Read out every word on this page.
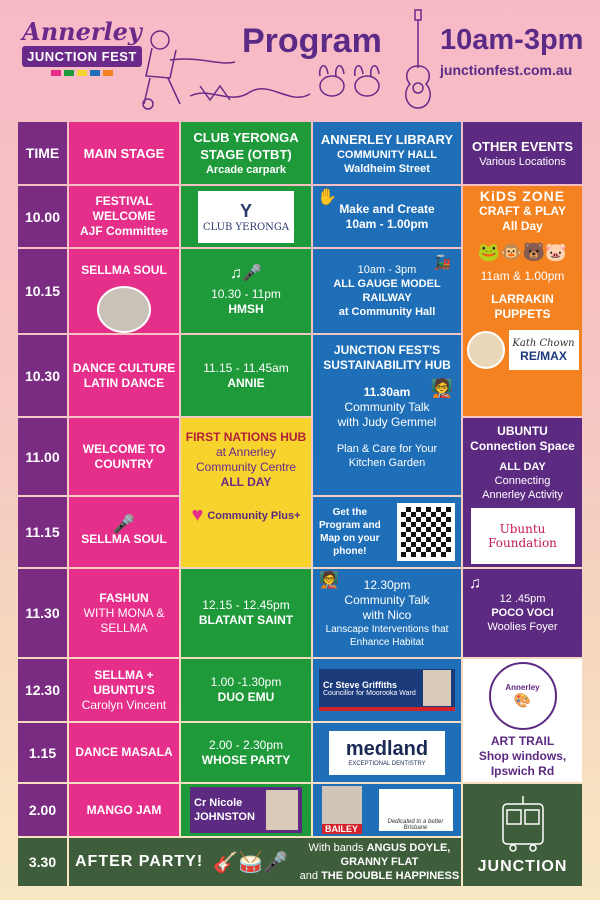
Annerley
JUNCTION FEST	Program 10am-3pm
junctionfest.com.au
TIME MAIN STAGE
CLUB YERONGA
STAGE (OTBT)
Arcade carpark
ANNERLEY LIBRARY
COMMUNITY HALL
Waldheim Street
OTHER EVENTS
Various Locations
10.00
10.15
10.30
11.00
11.15
11.30
12.30
1.15
2.00
3.30
FESTIVAL
WELCOME
AJF Committee
SELLMA SOUL
DANCE CULTURE
LATIN DANCE
WELCOME TO
COUNTRY
🎤
SELLMA SOUL
FASHUN
WITH MONA &
SELLMA
SELLMA +
UBUNTU'S
Carolyn Vincent
DANCE MASALA
MANGO JAM
Y
CLUB YERONGA
♫🎤
10.30 - 11pm
HMSH
11.15 - 11.45am
ANNIE
FIRST NATIONS HUB
at Annerley
Community Centre
ALL DAY
♥ Community Plus+
12.15 - 12.45pm
BLATANT SAINT
1.00 -1.30pm
DUO EMU
2.00 - 2.30pm
WHOSE PARTY
Cr Nicole
JOHNSTON
✋
Make and Create
10am - 1.00pm
🚂
10am - 3pm
ALL GAUGE MODEL
RAILWAY
at Community Hall
JUNCTION FEST'S
SUSTAINABILITY HUB
11.30am
Community Talk
with Judy Gemmel
Plan & Care for Your
Kitchen Garden
🧑‍🏫
Get the
Program and
Map on your
phone!
🧑‍🏫 12.30pm
Community Talk
with Nico
Lanscape Interventions that
Enhance Habitat
Cr Steve Griffiths
Councillor for Moorooka Ward
medland
EXCEPTIONAL DENTISTRY
BAILEY
Dedicated to a better Brisbane
KiDS ZONE
CRAFT & PLAY
All Day
🐸🐵🐻🐷
11am & 1.00pm
LARRAKIN
PUPPETS
Kath Chown
RE/MAX
UBUNTU
Connection Space
ALL DAY
Connecting
Annerley Activity
Ubuntu
Foundation
♫
12 .45pm
POCO VOCI
Woolies Foyer
Annerley
🎨
ART TRAIL
Shop windows,
Ipswich Rd
JUNCTION
AFTER PARTY! 🎸🥁🎤
With bands ANGUS DOYLE, GRANNY FLAT
and THE DOUBLE HAPPINESS
